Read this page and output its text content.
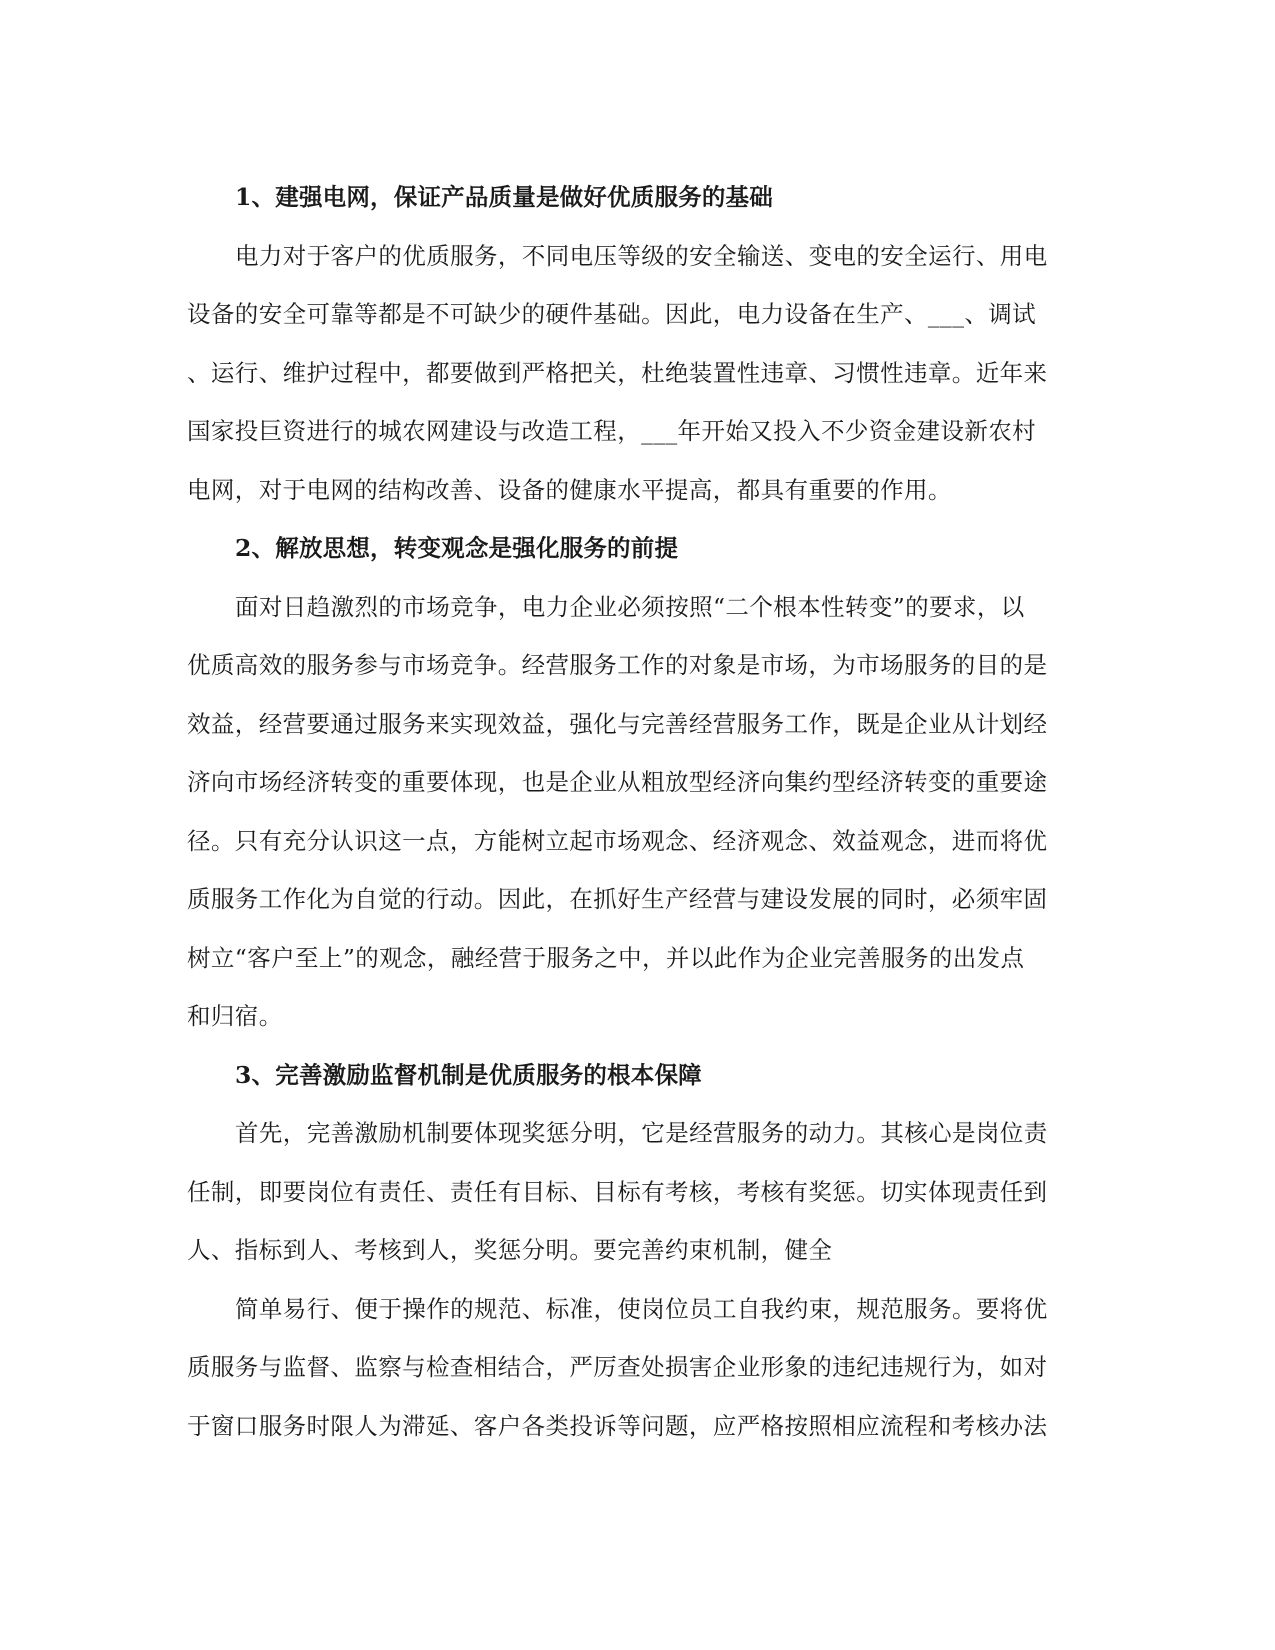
1、建强电网，保证产品质量是做好优质服务的基础
电力对于客户的优质服务，不同电压等级的安全输送、变电的安全运行、用电
设备的安全可靠等都是不可缺少的硬件基础。因此，电力设备在生产、___、调试
、运行、维护过程中，都要做到严格把关，杜绝装置性违章、习惯性违章。近年来
国家投巨资进行的城农网建设与改造工程，___年开始又投入不少资金建设新农村
电网，对于电网的结构改善、设备的健康水平提高，都具有重要的作用。
2、解放思想，转变观念是强化服务的前提
面对日趋激烈的市场竞争，电力企业必须按照“二个根本性转变”的要求，以
优质高效的服务参与市场竞争。经营服务工作的对象是市场，为市场服务的目的是
效益，经营要通过服务来实现效益，强化与完善经营服务工作，既是企业从计划经
济向市场经济转变的重要体现，也是企业从粗放型经济向集约型经济转变的重要途
径。只有充分认识这一点，方能树立起市场观念、经济观念、效益观念，进而将优
质服务工作化为自觉的行动。因此，在抓好生产经营与建设发展的同时，必须牢固
树立“客户至上”的观念，融经营于服务之中，并以此作为企业完善服务的出发点
和归宿。
3、完善激励监督机制是优质服务的根本保障
首先，完善激励机制要体现奖惩分明，它是经营服务的动力。其核心是岗位责
任制，即要岗位有责任、责任有目标、目标有考核，考核有奖惩。切实体现责任到
人、指标到人、考核到人，奖惩分明。要完善约束机制，健全
简单易行、便于操作的规范、标准，使岗位员工自我约束，规范服务。要将优
质服务与监督、监察与检查相结合，严厉查处损害企业形象的违纪违规行为，如对
于窗口服务时限人为滞延、客户各类投诉等问题，应严格按照相应流程和考核办法
